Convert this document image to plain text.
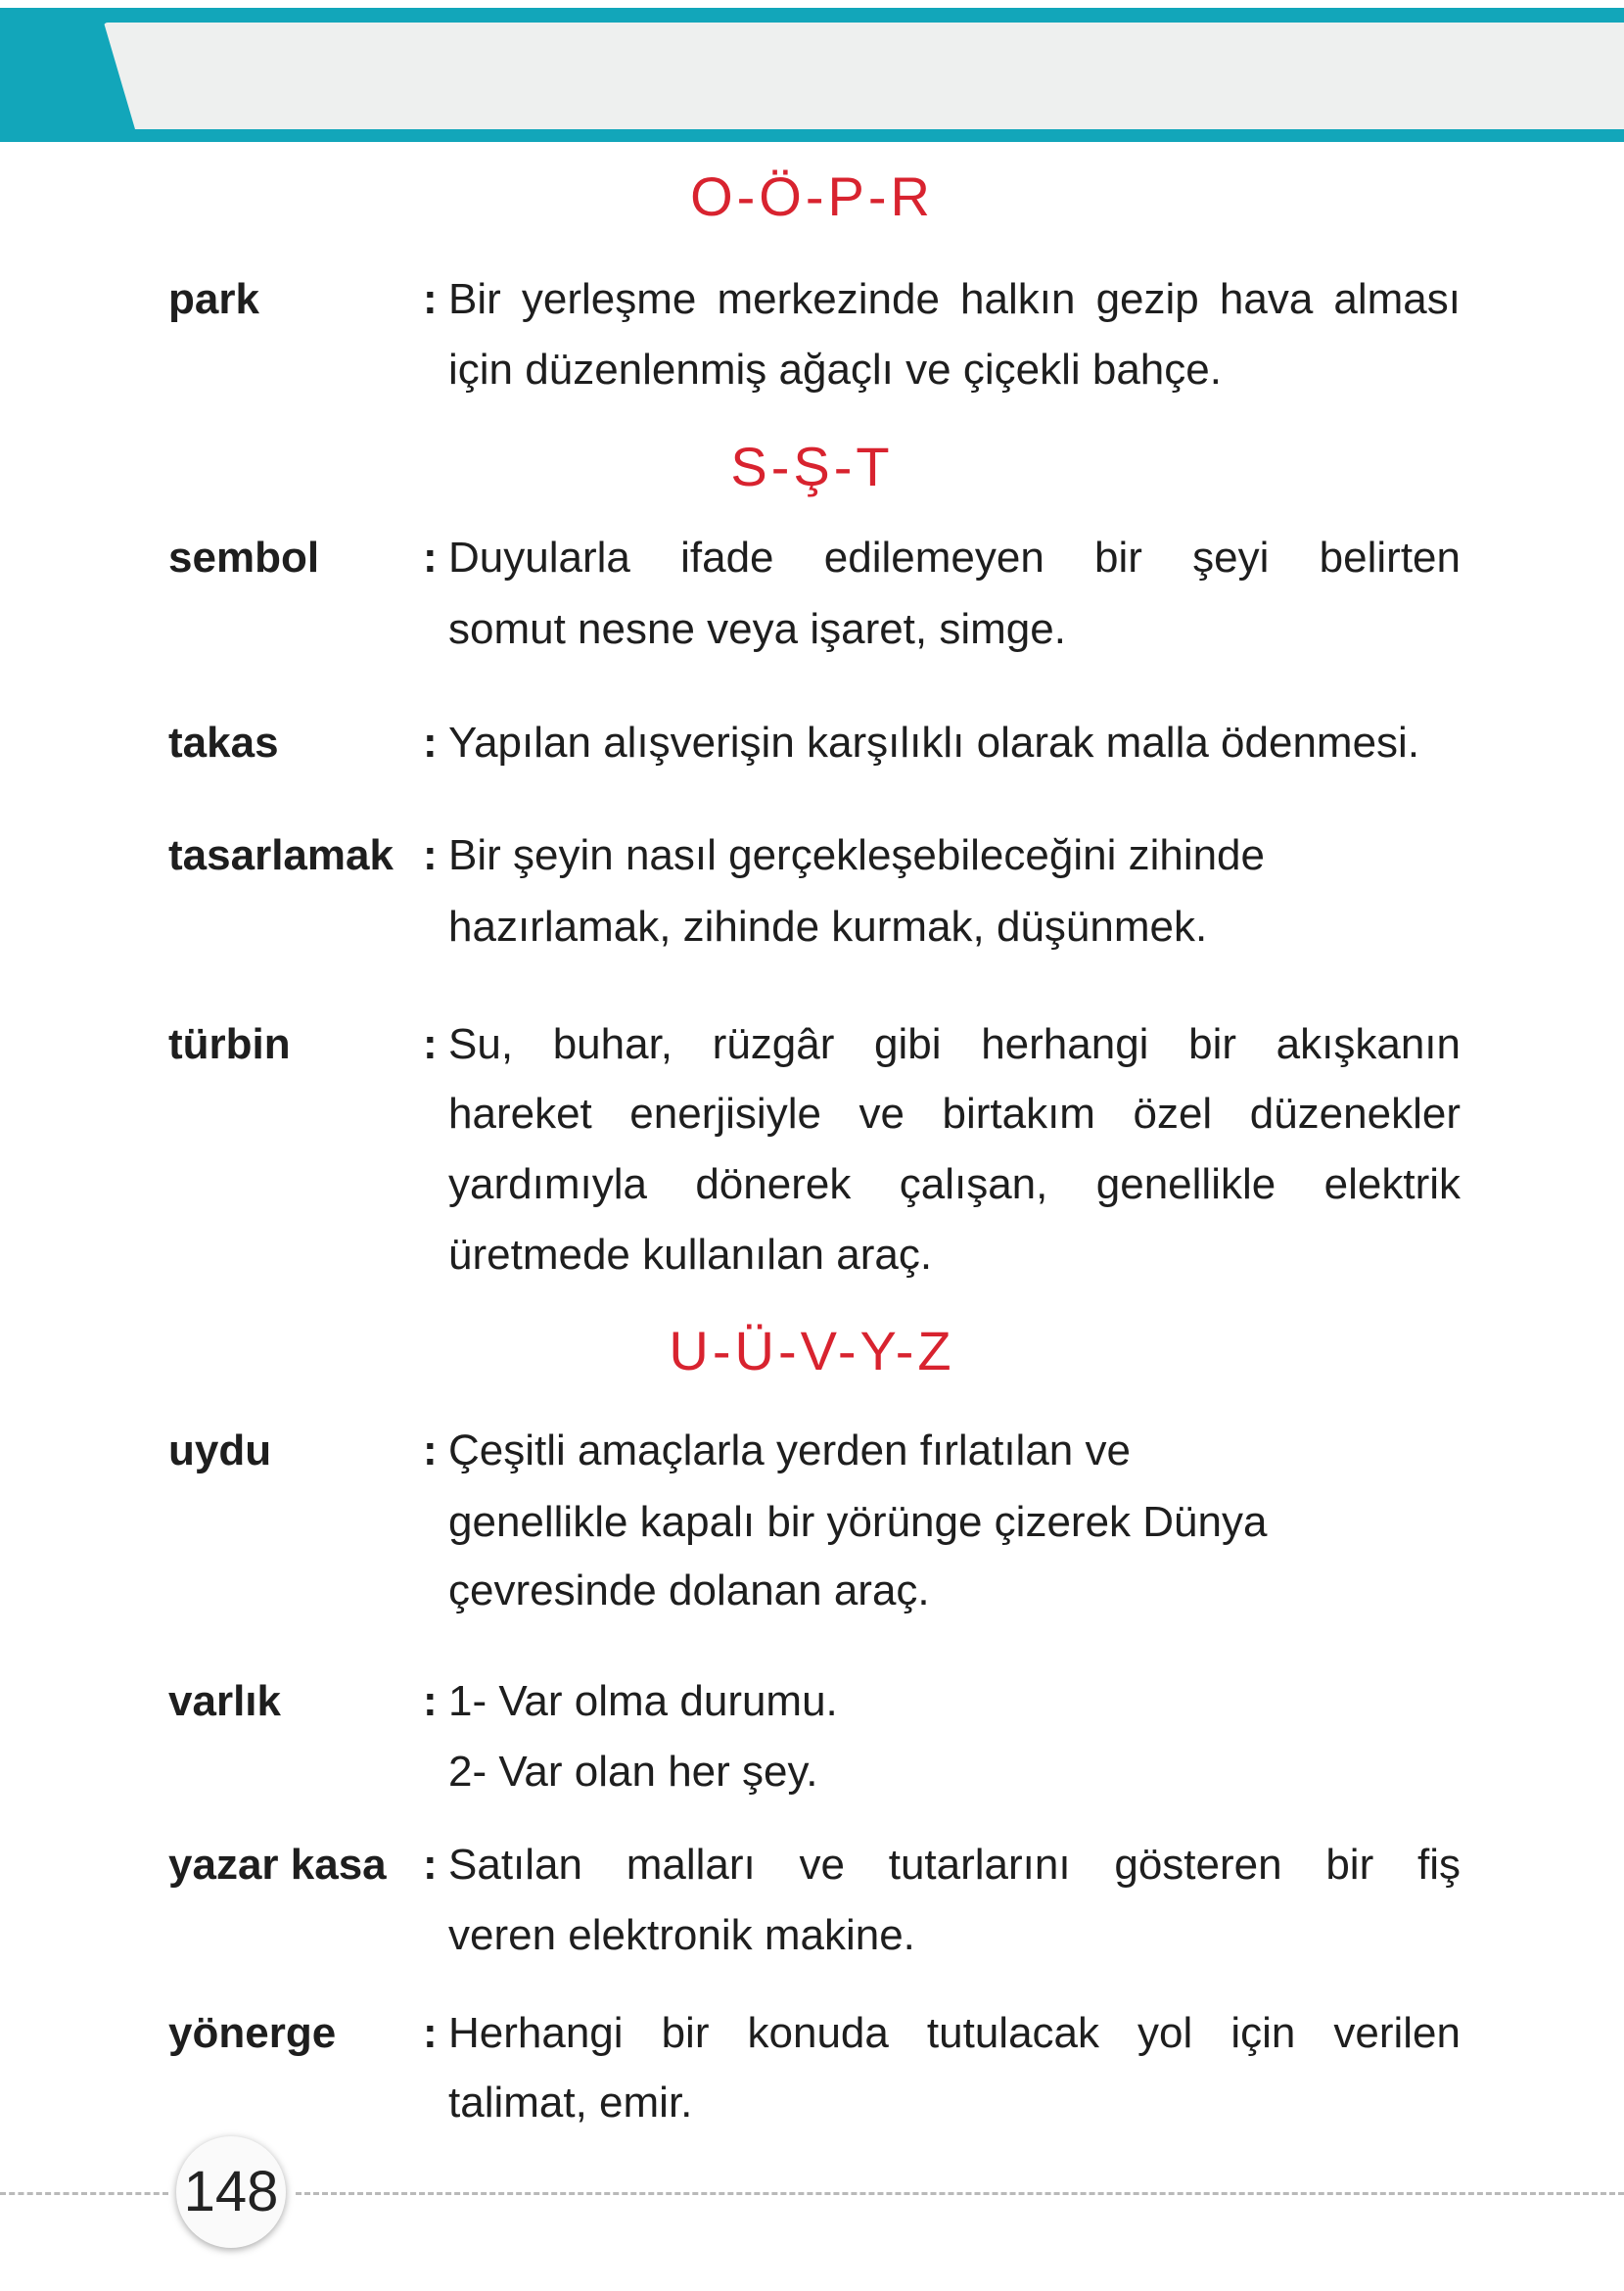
O-Ö-P-R
park	: Bir yerleşme merkezinde halkın gezip hava alması
için düzenlenmiş ağaçlı ve çiçekli bahçe.
S-Ş-T
sembol : Duyularla ifade edilemeyen bir şeyi belirten
somut nesne veya işaret, simge.
takas	: Yapılan alışverişin karşılıklı olarak malla ödenmesi.
tasarlamak : Bir şeyin nasıl gerçekleşebileceğini zihinde
hazırlamak, zihinde kurmak, düşünmek.
türbin	: Su, buhar, rüzgâr gibi herhangi bir akışkanın
hareket enerjisiyle ve birtakım özel düzenekler
yardımıyla dönerek çalışan, genellikle elektrik
üretmede kullanılan araç.
U-Ü-V-Y-Z
uydu	: Çeşitli amaçlarla yerden fırlatılan ve
genellikle kapalı bir yörünge çizerek Dünya
çevresinde dolanan araç.
varlık	: 1- Var olma durumu.
2- Var olan her şey.
yazar kasa : Satılan malları ve tutarlarını gösteren bir fiş
veren elektronik makine.
yönerge : Herhangi bir konuda tutulacak yol için verilen
talimat, emir.
148
